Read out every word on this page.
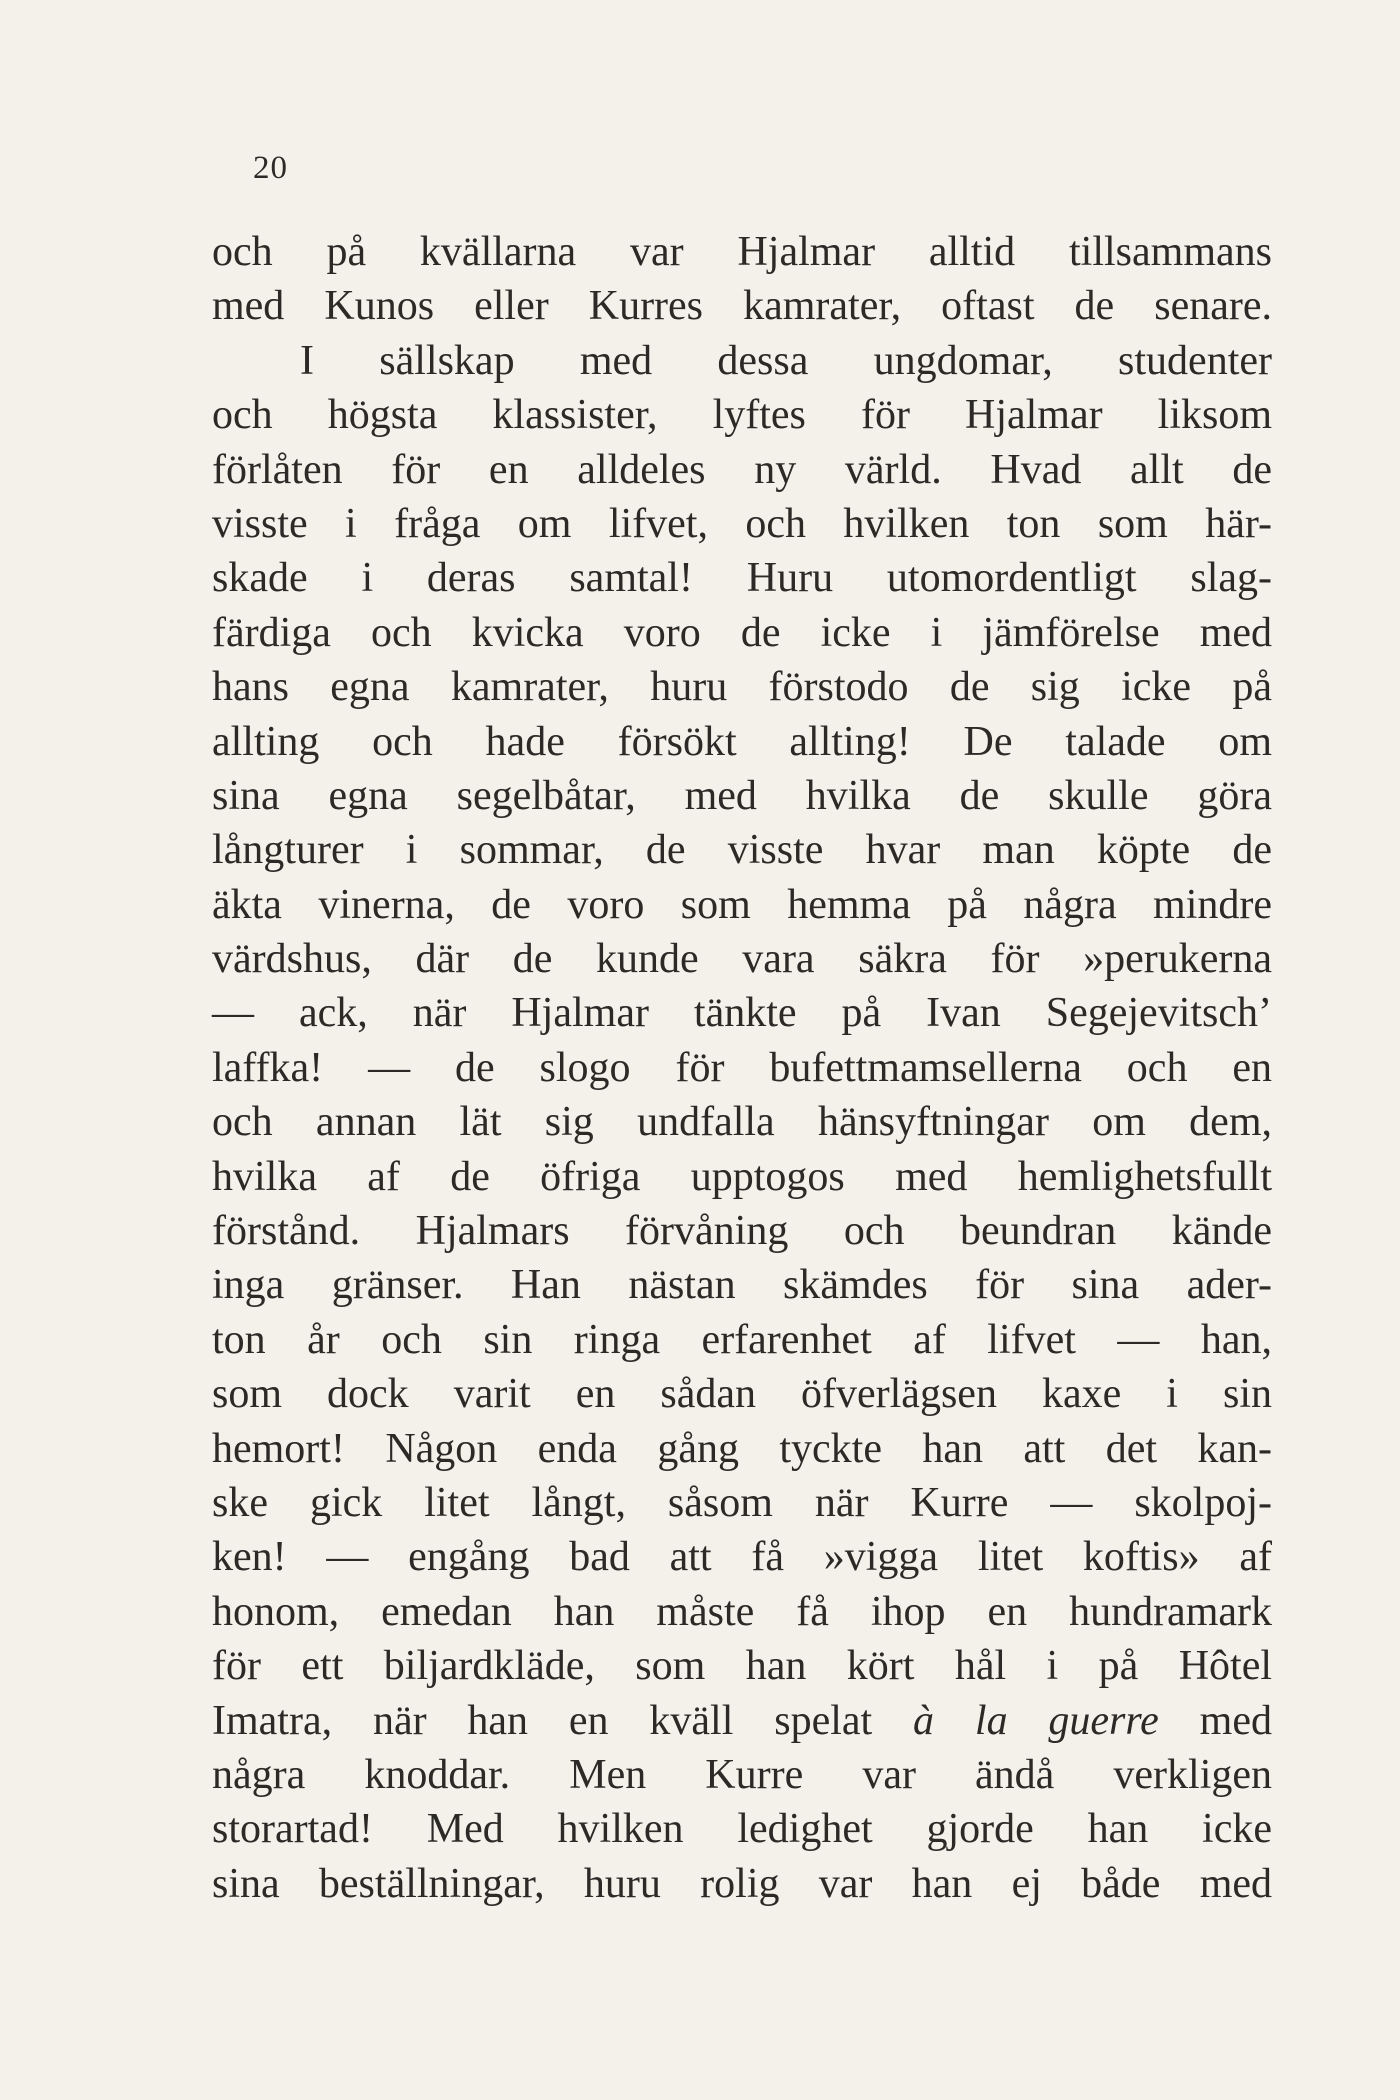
20
och på kvällarna var Hjalmar alltid tillsammans
med Kunos eller Kurres kamrater, oftast de senare.
I sällskap med dessa ungdomar, studenter
och högsta klassister, lyftes för Hjalmar liksom
förlåten för en alldeles ny värld. Hvad allt de
visste i fråga om lifvet, och hvilken ton som här-
skade i deras samtal! Huru utomordentligt slag-
färdiga och kvicka voro de icke i jämförelse med
hans egna kamrater, huru förstodo de sig icke på
allting och hade försökt allting! De talade om
sina egna segelbåtar, med hvilka de skulle göra
långturer i sommar, de visste hvar man köpte de
äkta vinerna, de voro som hemma på några mindre
värdshus, där de kunde vara säkra för »perukerna
— ack, när Hjalmar tänkte på Ivan Segejevitsch’
laffka! — de slogo för bufettmamsellerna och en
och annan lät sig undfalla hänsyftningar om dem,
hvilka af de öfriga upptogos med hemlighetsfullt
förstånd. Hjalmars förvåning och beundran kände
inga gränser. Han nästan skämdes för sina ader-
ton år och sin ringa erfarenhet af lifvet — han,
som dock varit en sådan öfverlägsen kaxe i sin
hemort! Någon enda gång tyckte han att det kan-
ske gick litet långt, såsom när Kurre — skolpoj-
ken! — engång bad att få »vigga litet koftis» af
honom, emedan han måste få ihop en hundramark
för ett biljardkläde, som han kört hål i på Hôtel
Imatra, när han en kväll spelat à la guerre med
några knoddar. Men Kurre var ändå verkligen
storartad! Med hvilken ledighet gjorde han icke
sina beställningar, huru rolig var han ej både med
